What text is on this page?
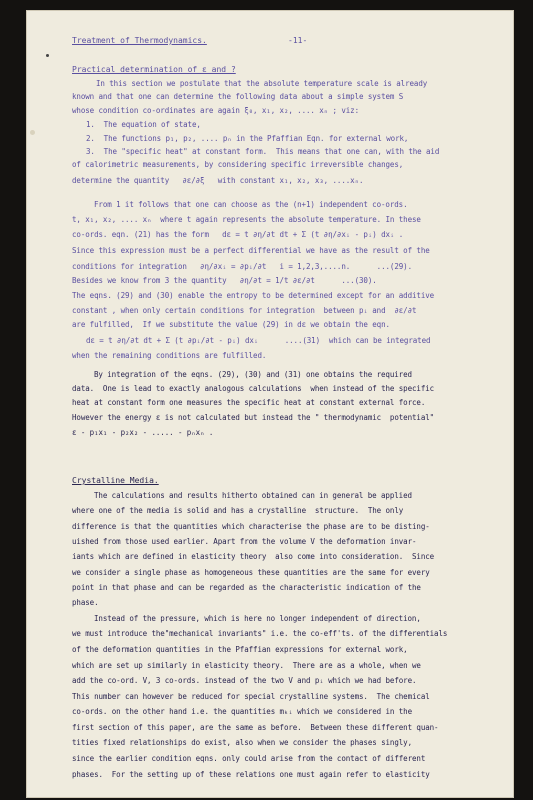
Treatment of Thermodynamics.	-11-
Practical determination of ε and ?
In this section we postulate that the absolute temperature scale is already
known and that one can determine the following data about a simple system S
whose condition co-ordinates are again ξ₀, x₁, x₂, .... xₙ ; viz:
1.  The equation of state,
2.  The functions p₁, p₂, .... pₙ in the Pfaffian Eqn. for external work,
3.  The "specific heat" at constant form.  This means that one can, with the aid
of calorimetric measurements, by considering specific irreversible changes,
determine the quantity   ∂ε/∂ξ   with constant x₁, x₂, x₃, ....xₙ.
From 1 it follows that one can choose as the (n+1) independent co-ords.
t, x₁, x₂, .... xₙ  where t again represents the absolute temperature. In these
co-ords. eqn. (21) has the form   dε = t ∂η/∂t dt + Σ (t ∂η/∂xᵢ - pᵢ) dxᵢ .
Since this expression must be a perfect differential we have as the result of the
conditions for integration   ∂η/∂xᵢ = ∂pᵢ/∂t   i = 1,2,3,....n.      ...(29).
Besides we know from 3 the quantity   ∂η/∂t = 1/t ∂ε/∂t      ...(30).
The eqns. (29) and (30) enable the entropy to be determined except for an additive
constant , when only certain conditions for integration  between pᵢ and  ∂ε/∂t
are fulfilled,  If we substitute the value (29) in dε we obtain the eqn.
dε = t ∂η/∂t dt + Σ (t ∂pᵢ/∂t - pᵢ) dxᵢ      ....(31)  which can be integrated
when the remaining conditions are fulfilled.
By integration of the eqns. (29), (30) and (31) one obtains the required
data.  One is lead to exactly analogous calculations  when instead of the specific
heat at constant form one measures the specific heat at constant external force.
However the energy ε is not calculated but instead the " thermodynamic  potential"
ε - p₁x₁ - p₂x₂ - ..... - pₙxₙ .
Crystalline Media.
The calculations and results hitherto obtained can in general be applied
where one of the media is solid and has a crystalline  structure.  The only
difference is that the quantities which characterise the phase are to be disting-
uished from those used earlier. Apart from the volume V the deformation invar-
iants which are defined in elasticity theory  also come into consideration.  Since
we consider a single phase as homogeneous these quantities are the same for every
point in that phase and can be regarded as the characteristic indication of the
phase.
Instead of the pressure, which is here no longer independent of direction,
we must introduce the"mechanical invariants" i.e. the co-eff'ts. of the differentials
of the deformation quantities in the Pfaffian expressions for external work,
which are set up similarly in elasticity theory.  There are as a whole, when we
add the co-ord. V, 3 co-ords. instead of the two V and pᵢ which we had before.
This number can however be reduced for special crystalline systems.  The chemical
co-ords. on the other hand i.e. the quantities mₖᵢ which we considered in the
first section of this paper, are the same as before.  Between these different quan-
tities fixed relationships do exist, also when we consider the phases singly,
since the earlier condition eqns. only could arise from the contact of different
phases.  For the setting up of these relations one must again refer to elasticity
